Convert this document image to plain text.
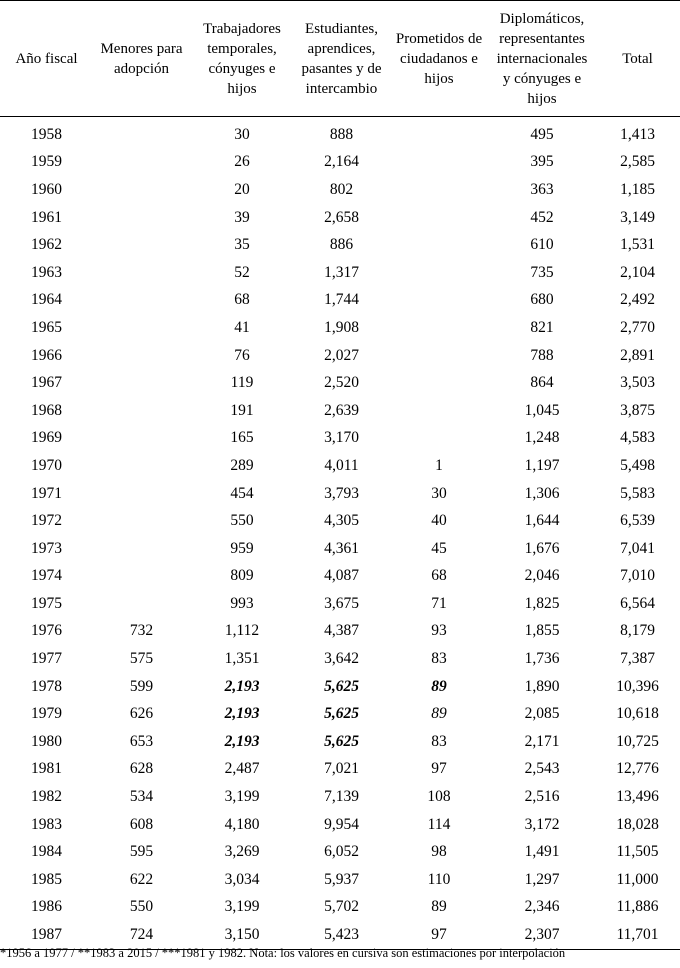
Año fiscal	Menores para adopción	Trabajadores temporales, cónyuges e hijos	Estudiantes, aprendices, pasantes y de intercambio	Prometidos de ciudadanos e hijos	Diplomáticos, representantes internacionales y cónyuges e hijos	Total
1958		30	888		495	1,413
1959		26	2,164		395	2,585
1960		20	802		363	1,185
1961		39	2,658		452	3,149
1962		35	886		610	1,531
1963		52	1,317		735	2,104
1964		68	1,744		680	2,492
1965		41	1,908		821	2,770
1966		76	2,027		788	2,891
1967		119	2,520		864	3,503
1968		191	2,639		1,045	3,875
1969		165	3,170		1,248	4,583
1970		289	4,011	1	1,197	5,498
1971		454	3,793	30	1,306	5,583
1972		550	4,305	40	1,644	6,539
1973		959	4,361	45	1,676	7,041
1974		809	4,087	68	2,046	7,010
1975		993	3,675	71	1,825	6,564
1976	732	1,112	4,387	93	1,855	8,179
1977	575	1,351	3,642	83	1,736	7,387
1978	599	2,193	5,625	89	1,890	10,396
1979	626	2,193	5,625	89	2,085	10,618
1980	653	2,193	5,625	83	2,171	10,725
1981	628	2,487	7,021	97	2,543	12,776
1982	534	3,199	7,139	108	2,516	13,496
1983	608	4,180	9,954	114	3,172	18,028
1984	595	3,269	6,052	98	1,491	11,505
1985	622	3,034	5,937	110	1,297	11,000
1986	550	3,199	5,702	89	2,346	11,886
1987	724	3,150	5,423	97	2,307	11,701
*1956 a 1977 / **1983 a 2015 / ***1981 y 1982. Nota: los valores en cursiva son estimaciones por interpolación
